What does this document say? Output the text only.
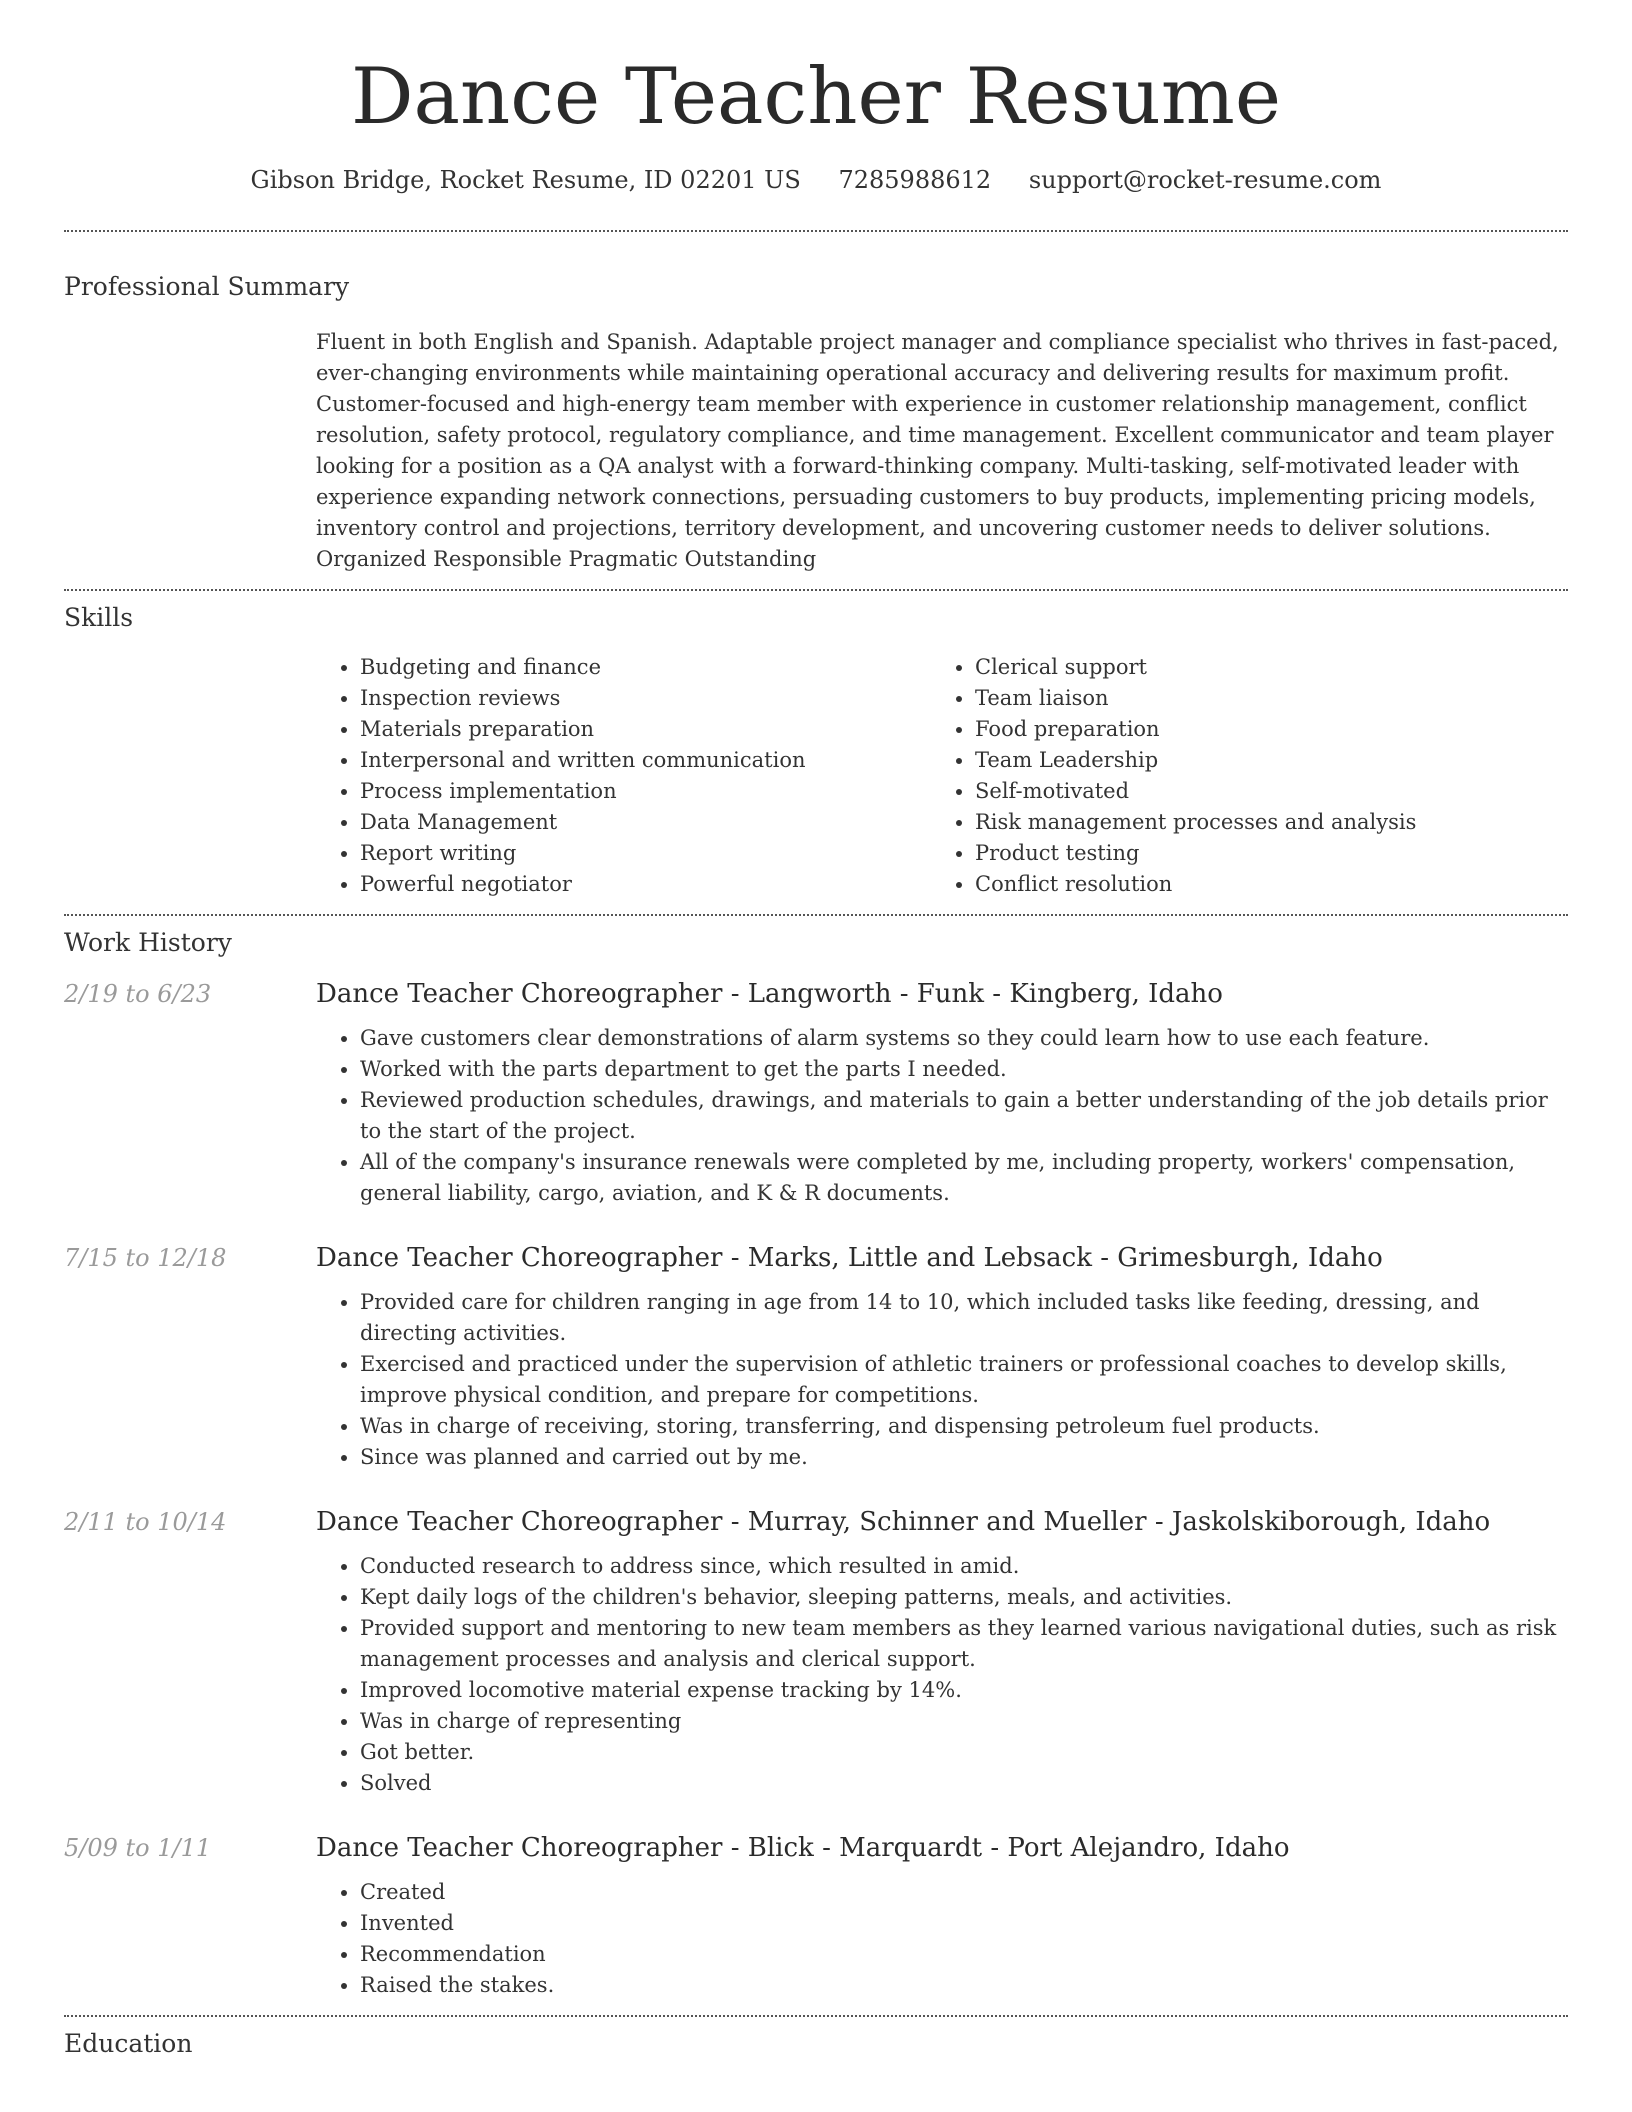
Dance Teacher Resume
Gibson Bridge, Rocket Resume, ID 02201 US 7285988612 support@rocket-resume.com
Professional Summary

Fluent in both English and Spanish. Adaptable project manager and compliance specialist who thrives in fast-paced, ever-changing environments while maintaining operational accuracy and delivering results for maximum profit. Customer-focused and high-energy team member with experience in customer relationship management, conflict resolution, safety protocol, regulatory compliance, and time management. Excellent communicator and team player looking for a position as a QA analyst with a forward-thinking company. Multi-tasking, self-motivated leader with experience expanding network connections, persuading customers to buy products, implementing pricing models, inventory control and projections, territory development, and uncovering customer needs to deliver solutions. Organized Responsible Pragmatic Outstanding

Skills
• Budgeting and finance
• Inspection reviews
• Materials preparation
• Interpersonal and written communication
• Process implementation
• Data Management
• Report writing
• Powerful negotiator
• Clerical support
• Team liaison
• Food preparation
• Team Leadership
• Self-motivated
• Risk management processes and analysis
• Product testing
• Conflict resolution
Work History
2/19 to 6/23	Dance Teacher Choreographer - Langworth - Funk - Kingberg, Idaho
• Gave customers clear demonstrations of alarm systems so they could learn how to use each feature.
• Worked with the parts department to get the parts I needed.
• Reviewed production schedules, drawings, and materials to gain a better understanding of the job details prior to the start of the project.
• All of the company's insurance renewals were completed by me, including property, workers' compensation, general liability, cargo, aviation, and K & R documents.
7/15 to 12/18	Dance Teacher Choreographer - Marks, Little and Lebsack - Grimesburgh, Idaho
• Provided care for children ranging in age from 14 to 10, which included tasks like feeding, dressing, and directing activities.
• Exercised and practiced under the supervision of athletic trainers or professional coaches to develop skills, improve physical condition, and prepare for competitions.
• Was in charge of receiving, storing, transferring, and dispensing petroleum fuel products.
• Since was planned and carried out by me.
2/11 to 10/14	Dance Teacher Choreographer - Murray, Schinner and Mueller - Jaskolskiborough, Idaho
• Conducted research to address since, which resulted in amid.
• Kept daily logs of the children's behavior, sleeping patterns, meals, and activities.
• Provided support and mentoring to new team members as they learned various navigational duties, such as risk management processes and analysis and clerical support.
• Improved locomotive material expense tracking by 14%.
• Was in charge of representing
• Got better.
• Solved
5/09 to 1/11	Dance Teacher Choreographer - Blick - Marquardt - Port Alejandro, Idaho
• Created
• Invented
• Recommendation
• Raised the stakes.
Education
